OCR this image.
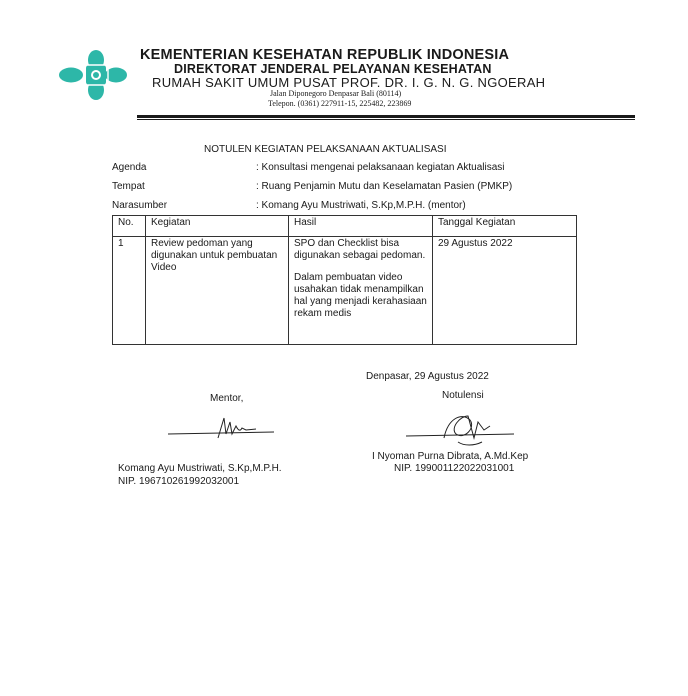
KEMENTERIAN KESEHATAN REPUBLIK INDONESIA
DIREKTORAT JENDERAL PELAYANAN KESEHATAN
RUMAH SAKIT UMUM PUSAT PROF. DR. I. G. N. G. NGOERAH
Jalan Diponegoro Denpasar Bali (80114)
Telepon. (0361) 227911-15, 225482, 223869
NOTULEN KEGIATAN PELAKSANAAN AKTUALISASI
Agenda	: Konsultasi mengenai pelaksanaan kegiatan Aktualisasi
Tempat	: Ruang Penjamin Mutu dan Keselamatan Pasien (PMKP)
Narasumber	: Komang Ayu Mustriwati, S.Kp,M.P.H. (mentor)
No.	Kegiatan	Hasil	Tanggal Kegiatan
1	Review pedoman yang digunakan untuk pembuatan Video	SPO dan Checklist bisa digunakan sebagai pedoman.

Dalam pembuatan video usahakan tidak menampilkan hal yang menjadi kerahasiaan rekam medis	29 Agustus 2022
Denpasar, 29 Agustus 2022
Mentor,	Notulensi
Komang Ayu Mustriwati, S.Kp,M.P.H.
NIP. 196710261992032001
I Nyoman Purna Dibrata, A.Md.Kep
NIP. 199001122022031001
